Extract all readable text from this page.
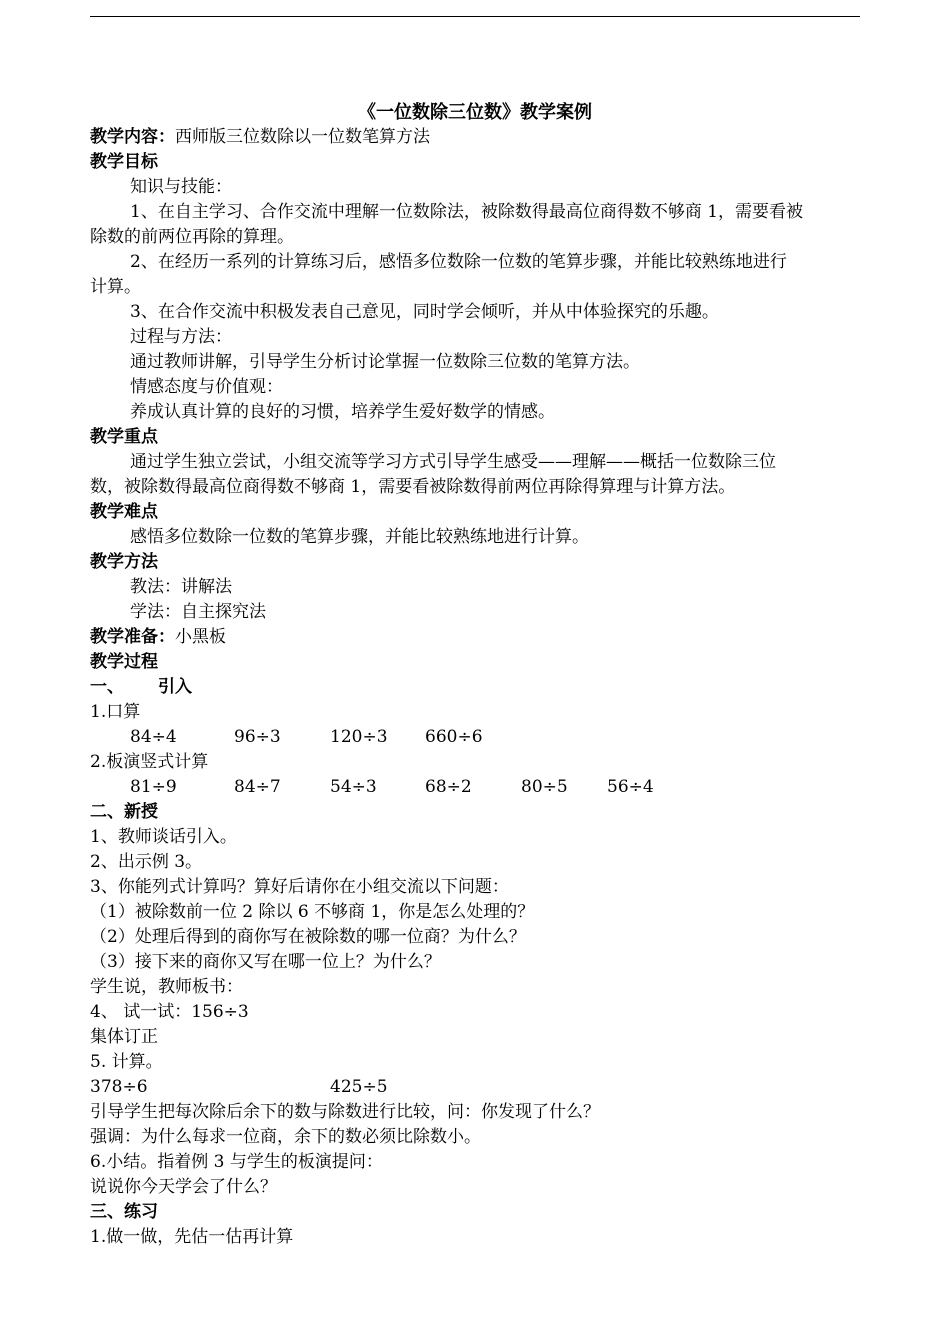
《一位数除三位数》教学案例
教学内容：西师版三位数除以一位数笔算方法
教学目标
知识与技能：
1、在自主学习、合作交流中理解一位数除法，被除数得最高位商得数不够商 1，需要看被
除数的前两位再除的算理。
2、在经历一系列的计算练习后，感悟多位数除一位数的笔算步骤，并能比较熟练地进行
计算。
3、在合作交流中积极发表自己意见，同时学会倾听，并从中体验探究的乐趣。
过程与方法：
通过教师讲解，引导学生分析讨论掌握一位数除三位数的笔算方法。
情感态度与价值观：
养成认真计算的良好的习惯，培养学生爱好数学的情感。
教学重点
通过学生独立尝试，小组交流等学习方式引导学生感受——理解——概括一位数除三位
数，被除数得最高位商得数不够商 1，需要看被除数得前两位再除得算理与计算方法。
教学难点
感悟多位数除一位数的笔算步骤，并能比较熟练地进行计算。
教学方法
教法：讲解法
学法：自主探究法
教学准备：小黑板
教学过程
一、 引入
1.口算
84÷4	96÷3	120÷3 660÷6
2.板演竖式计算
81÷9	84÷7	54÷3	68÷2	80÷5 56÷4
二、新授
1、教师谈话引入。
2、出示例 3。
3、你能列式计算吗？算好后请你在小组交流以下问题：
（1）被除数前一位 2 除以 6 不够商 1，你是怎么处理的？
（2）处理后得到的商你写在被除数的哪一位商？为什么？
（3）接下来的商你又写在哪一位上？为什么？
学生说，教师板书：
4、 试一试：156÷3
集体订正
5. 计算。
378÷6	425÷5
引导学生把每次除后余下的数与除数进行比较，问：你发现了什么？
强调：为什么每求一位商，余下的数必须比除数小。
6.小结。指着例 3 与学生的板演提问：
说说你今天学会了什么？
三、练习
1.做一做，先估一估再计算
